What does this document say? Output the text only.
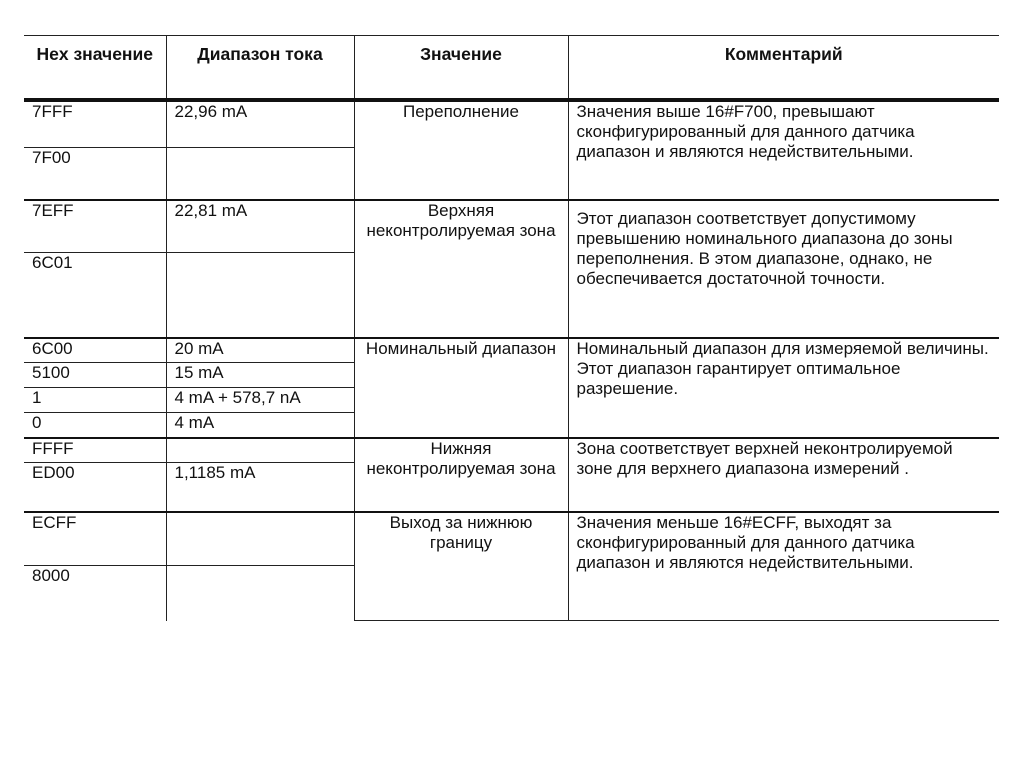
Hex значение	Диапазон тока	Значение	Комментарий
7FFF	22,96 mA	Переполнение	Значения выше 16#F700, превышают сконфигурированный для данного датчика диапазон и являются недействительными.
7F00			
7EFF	22,81 mA	Верхняя неконтролируемая зона	Этот диапазон соответствует допустимому превышению номинального диапазона до зоны переполнения. В этом диапазоне, однако, не обеспечивается достаточной точности.
6C01			
6C00	20 mA	Номинальный диапазон	Номинальный диапазон для измеряемой величины. Этот диапазон гарантирует оптимальное разрешение.
5100	15 mA		
1	4 mA + 578,7 nA		
0	4 mA		
FFFF		Нижняя неконтролируемая зона	Зона соответствует верхней неконтролируемой зоне для верхнего диапазона измерений .
ED00	1,1185 mA		
ECFF		Выход за нижнюю границу	Значения меньше 16#ECFF, выходят за сконфигурированный для данного датчика диапазон и являются недействительными.
8000			
